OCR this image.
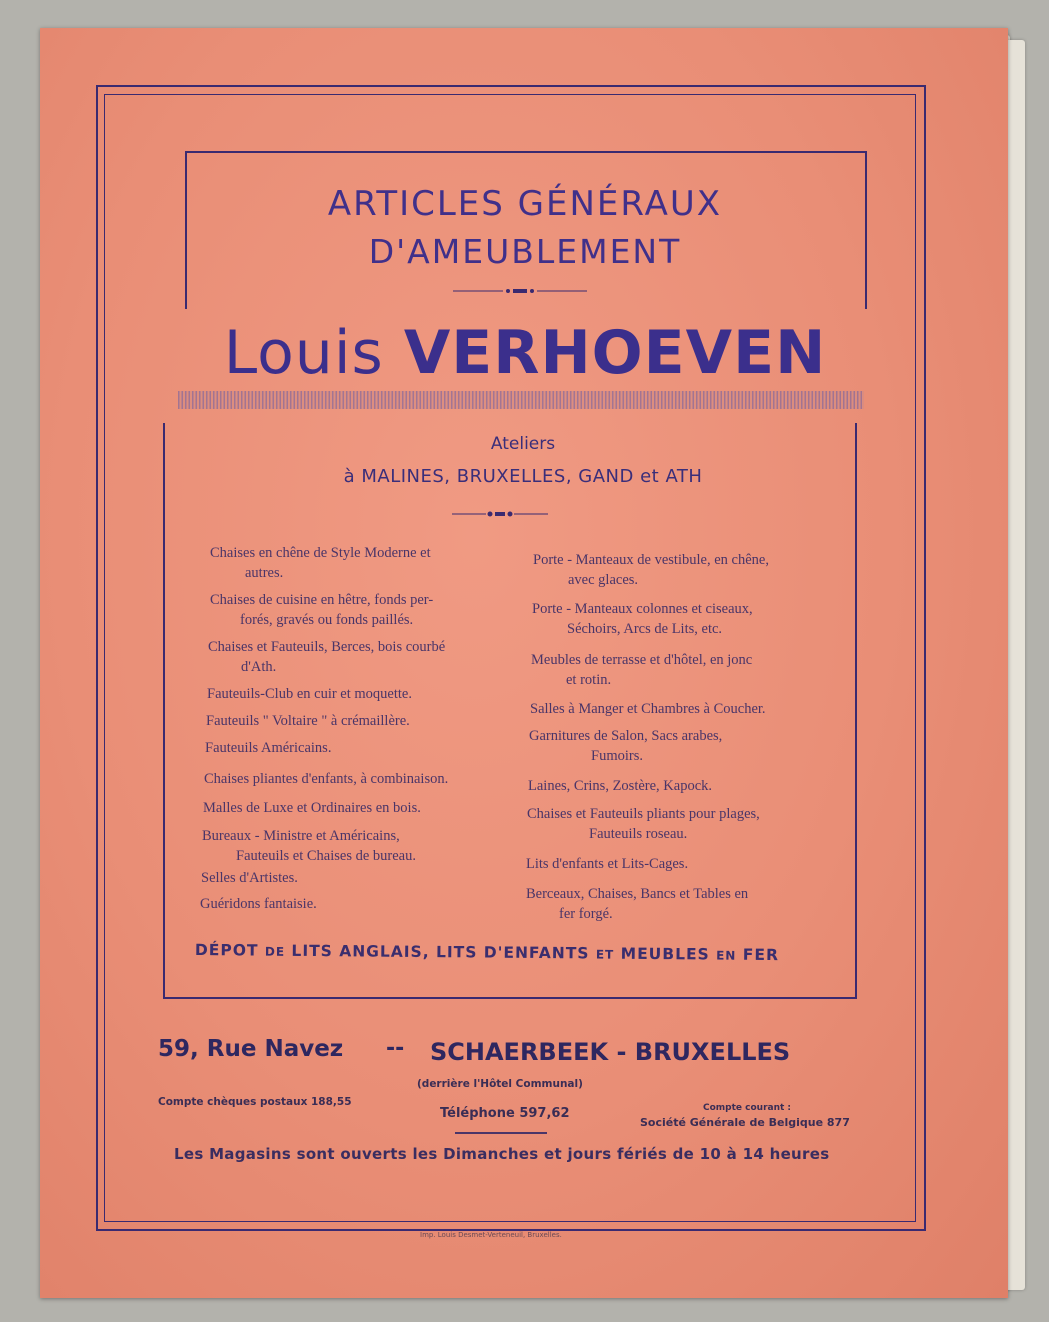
ARTICLES GÉNÉRAUX
D'AMEUBLEMENT
Louis VERHOEVEN
Ateliers
à MALINES, BRUXELLES, GAND et ATH
Chaises en chêne de Style Moderne et
autres.
Chaises de cuisine en hêtre, fonds per-
forés, gravés ou fonds paillés.
Chaises et Fauteuils, Berces, bois courbé
d'Ath.
Fauteuils-Club en cuir et moquette.
Fauteuils " Voltaire " à crémaillère.
Fauteuils Américains.
Chaises pliantes d'enfants, à combinaison.
Malles de Luxe et Ordinaires en bois.
Bureaux - Ministre et Américains,
Fauteuils et Chaises de bureau.
Selles d'Artistes.
Guéridons fantaisie.
Porte - Manteaux de vestibule, en chêne,
avec glaces.
Porte - Manteaux colonnes et ciseaux,
Séchoirs, Arcs de Lits, etc.
Meubles de terrasse et d'hôtel, en jonc
et rotin.
Salles à Manger et Chambres à Coucher.
Garnitures de Salon, Sacs arabes,
Fumoirs.
Laines, Crins, Zostère, Kapock.
Chaises et Fauteuils pliants pour plages,
Fauteuils roseau.
Lits d'enfants et Lits-Cages.
Berceaux, Chaises, Bancs et Tables en
fer forgé.
DÉPOT DE LITS ANGLAIS, LITS D'ENFANTS ET MEUBLES EN FER
59, Rue Navez -- SCHAERBEEK - BRUXELLES
(derrière l'Hôtel Communal)
Compte chèques postaux 188,55
Téléphone 597,62	Compte courant :
Société Générale de Belgique 877
Les Magasins sont ouverts les Dimanches et jours fériés de 10 à 14 heures
Imp. Louis Desmet-Verteneuil, Bruxelles.
